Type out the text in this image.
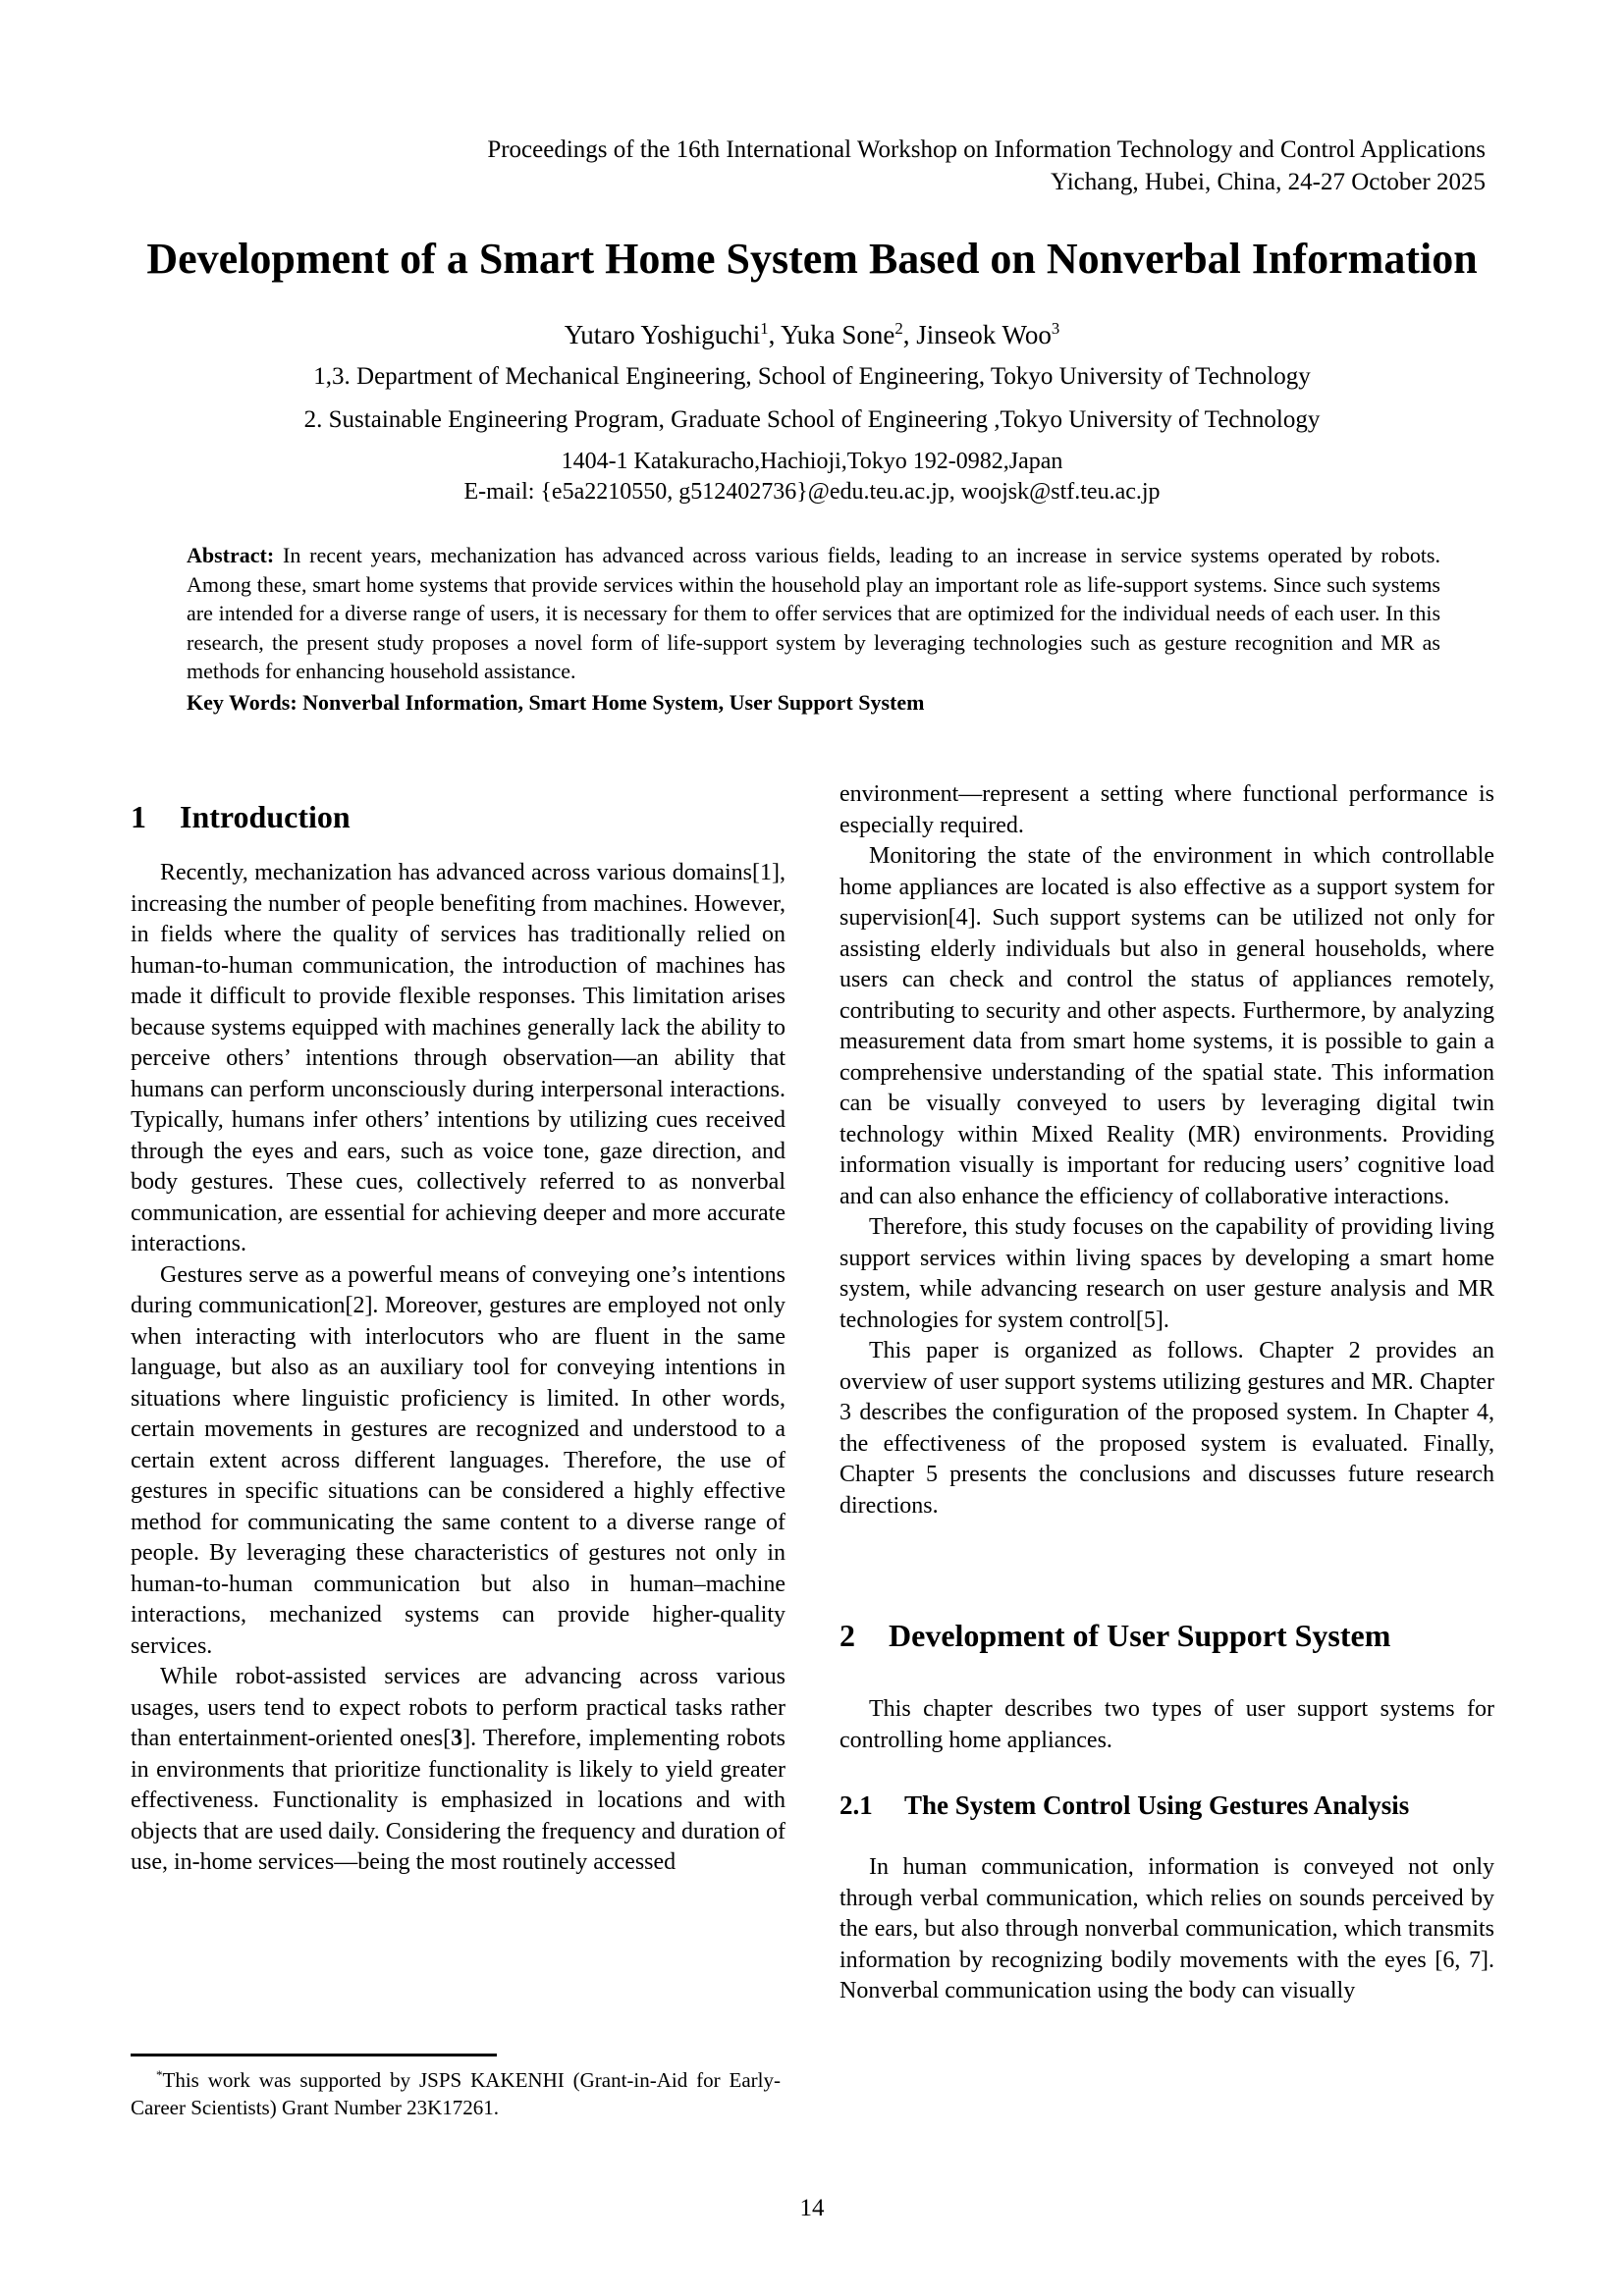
Proceedings of the 16th International Workshop on Information Technology and Control Applications
Yichang, Hubei, China, 24-27 October 2025
Development of a Smart Home System Based on Nonverbal Information
Yutaro Yoshiguchi$^1$, Yuka Sone$^2$, Jinseok Woo$^3$
1,3. Department of Mechanical Engineering, School of Engineering, Tokyo University of Technology
2. Sustainable Engineering Program, Graduate School of Engineering ,Tokyo University of Technology
1404-1 Katakuracho,Hachioji,Tokyo 192-0982,Japan
E-mail: {e5a2210550, g512402736}@edu.teu.ac.jp, woojsk@stf.teu.ac.jp
Abstract: In recent years, mechanization has advanced across various fields, leading to an increase in service systems operated by robots. Among these, smart home systems that provide services within the household play an important role as life-support systems. Since such systems are intended for a diverse range of users, it is necessary for them to offer services that are optimized for the individual needs of each user. In this research, the present study proposes a novel form of life-support system by leveraging technologies such as gesture recognition and MR as methods for enhancing household assistance.
Key Words: Nonverbal Information, Smart Home System, User Support System
1 Introduction

Recently, mechanization has advanced across various domains[1], increasing the number of people benefiting from machines. However, in fields where the quality of services has traditionally relied on human-to-human communication, the introduction of machines has made it difficult to provide flexible responses. This limitation arises because systems equipped with machines generally lack the ability to perceive others’ intentions through observation—an ability that humans can perform unconsciously during interpersonal interactions. Typically, humans infer others’ intentions by utilizing cues received through the eyes and ears, such as voice tone, gaze direction, and body gestures. These cues, collectively referred to as nonverbal communication, are essential for achieving deeper and more accurate interactions.

Gestures serve as a powerful means of conveying one’s intentions during communication[2]. Moreover, gestures are employed not only when interacting with interlocutors who are fluent in the same language, but also as an auxiliary tool for conveying intentions in situations where linguistic proficiency is limited. In other words, certain movements in gestures are recognized and understood to a certain extent across different languages. Therefore, the use of gestures in specific situations can be considered a highly effective method for communicating the same content to a diverse range of people. By leveraging these characteristics of gestures not only in human-to-human communication but also in human–machine interactions, mechanized systems can provide higher-quality services.

While robot-assisted services are advancing across various usages, users tend to expect robots to perform practical tasks rather than entertainment-oriented ones[3]. Therefore, implementing robots in environments that prioritize functionality is likely to yield greater effectiveness. Functionality is emphasized in locations and with objects that are used daily. Considering the frequency and duration of use, in-home services—being the most routinely accessed

environment—represent a setting where functional performance is especially required.

Monitoring the state of the environment in which controllable home appliances are located is also effective as a support system for supervision[4]. Such support systems can be utilized not only for assisting elderly individuals but also in general households, where users can check and control the status of appliances remotely, contributing to security and other aspects. Furthermore, by analyzing measurement data from smart home systems, it is possible to gain a comprehensive understanding of the spatial state. This information can be visually conveyed to users by leveraging digital twin technology within Mixed Reality (MR) environments. Providing information visually is important for reducing users’ cognitive load and can also enhance the efficiency of collaborative interactions.

Therefore, this study focuses on the capability of providing living support services within living spaces by developing a smart home system, while advancing research on user gesture analysis and MR technologies for system control[5].

This paper is organized as follows. Chapter 2 provides an overview of user support systems utilizing gestures and MR. Chapter 3 describes the configuration of the proposed system. In Chapter 4, the effectiveness of the proposed system is evaluated. Finally, Chapter 5 presents the conclusions and discusses future research directions.

2 Development of User Support System

This chapter describes two types of user support systems for controlling home appliances.

2.1 The System Control Using Gestures Analysis

In human communication, information is conveyed not only through verbal communication, which relies on sounds perceived by the ears, but also through nonverbal communication, which transmits information by recognizing bodily movements with the eyes [6, 7]. Nonverbal communication using the body can visually

*This work was supported by JSPS KAKENHI (Grant-in-Aid for Early-Career Scientists) Grant Number 23K17261.

14
